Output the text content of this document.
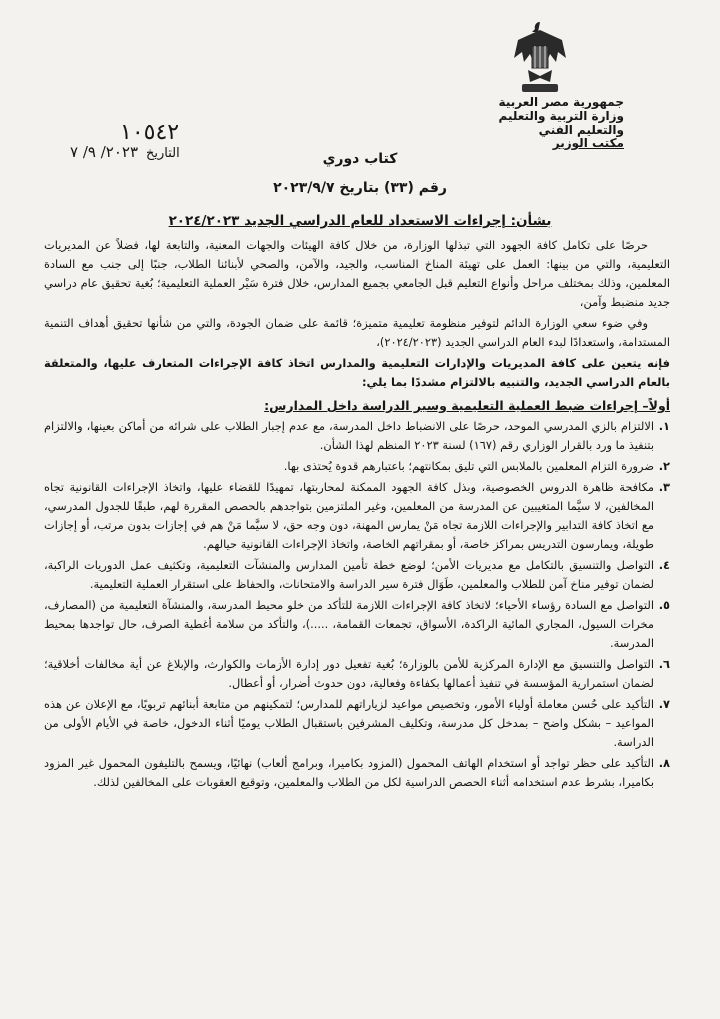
جمهورية مصر العربية
وزارة التربية والتعليم والتعليم الفني
مكتب الوزير
١٠٥٤٢
التاريخ
٢٠٢٣/ ٩/ ٧	كتاب دوري
رقم (٣٣) بتاريخ ٢٠٢٣/٩/٧
بشأن: إجراءات الاستعداد للعام الدراسي الجديد ٢٠٢٤/٢٠٢٣

حرصًا على تكامل كافة الجهود التي تبذلها الوزارة، من خلال كافة الهيئات والجهات المعنية، والتابعة لها، فضلاً عن المديريات التعليمية، والتي من بينها: العمل على تهيئة المناخ المناسب، والجيد، والآمن، والصحي لأبنائنا الطلاب، جنبًا إلى جنب مع السادة المعلمين، وذلك بمختلف مراحل وأنواع التعليم قبل الجامعي بجميع المدارس، خلال فترة سَيْر العملية التعليمية؛ بُغية تحقيق عام دراسي جديد منضبط وآمن،

وفي ضوء سعي الوزارة الدائم لتوفير منظومة تعليمية متميزة؛ قائمة على ضمان الجودة، والتي من شأنها تحقيق أهداف التنمية المستدامة، واستعدادًا لبدء العام الدراسي الجديد (٢٠٢٤/٢٠٢٣)،

فإنه يتعين على كافة المديريات والإدارات التعليمية والمدارس اتخاذ كافة الإجراءات المتعارف عليها، والمتعلقة بالعام الدراسي الجديد، والتنبيه بالالتزام مشددًا بما يلي:

أولاً– إجراءات ضبط العملية التعليمية وسير الدراسة داخل المدارس:

١.
الالتزام بالزي المدرسي الموحد، حرصًا على الانضباط داخل المدرسة، مع عدم إجبار الطلاب على شرائه من أماكن بعينها، والالتزام بتنفيذ ما ورد بالقرار الوزاري رقم (١٦٧) لسنة ٢٠٢٣ المنظم لهذا الشأن.
٢.
ضرورة التزام المعلمين بالملابس التي تليق بمكانتهم؛ باعتبارهم قدوة يُحتذى بها.
٣.
مكافحة ظاهرة الدروس الخصوصية، وبذل كافة الجهود الممكنة لمحاربتها، تمهيدًا للقضاء عليها، واتخاذ الإجراءات القانونية تجاه المخالفين، لا سيَّما المتغيبين عن المدرسة من المعلمين، وغير الملتزمين بتواجدهم بالحصص المقررة لهم، طبقًا للجدول المدرسي، مع اتخاذ كافة التدابير والإجراءات اللازمة تجاه مَنْ يمارس المهنة، دون وجه حق، لا سيَّما مَنْ هم في إجازات بدون مرتب، أو إجازات طويلة، ويمارسون التدريس بمراكز خاصة، أو بمقراتهم الخاصة، واتخاذ الإجراءات القانونية حيالهم.
٤.
التواصل والتنسيق بالتكامل مع مديريات الأمن؛ لوضع خطة تأمين المدارس والمنشآت التعليمية، وتكثيف عمل الدوريات الراكبة، لضمان توفير مناخ آمن للطلاب والمعلمين، طَوَال فترة سير الدراسة والامتحانات، والحفاظ على استقرار العملية التعليمية.
٥.
التواصل مع السادة رؤساء الأحياء؛ لاتخاذ كافة الإجراءات اللازمة للتأكد من خلو محيط المدرسة، والمنشآة التعليمية من (المصارف، مخرات السيول، المجاري المائية الراكدة، الأسواق، تجمعات القمامة، .....)، والتأكد من سلامة أغطية الصرف، حال تواجدها بمحيط المدرسة.
٦.
التواصل والتنسيق مع الإدارة المركزية للأمن بالوزارة؛ بُغية تفعيل دور إدارة الأزمات والكوارث، والإبلاغ عن أية مخالفات أخلاقية؛ لضمان استمرارية المؤسسة في تنفيذ أعمالها بكفاءة وفعالية، دون حدوث أضرار، أو أعطال.
٧.
التأكيد على حُسن معاملة أولياء الأمور، وتخصيص مواعيد لزياراتهم للمدارس؛ لتمكينهم من متابعة أبنائهم تربويًا، مع الإعلان عن هذه المواعيد – بشكل واضح – بمدخل كل مدرسة، وتكليف المشرفين باستقبال الطلاب يوميًا أثناء الدخول، خاصة في الأيام الأولى من الدراسة.
٨.
التأكيد على حظر تواجد أو استخدام الهاتف المحمول (المزود بكاميرا، وبرامج ألعاب) نهائيًا، ويسمح بالتليفون المحمول غير المزود بكاميرا، بشرط عدم استخدامه أثناء الحصص الدراسية لكل من الطلاب والمعلمين، وتوقيع العقوبات على المخالفين لذلك.
